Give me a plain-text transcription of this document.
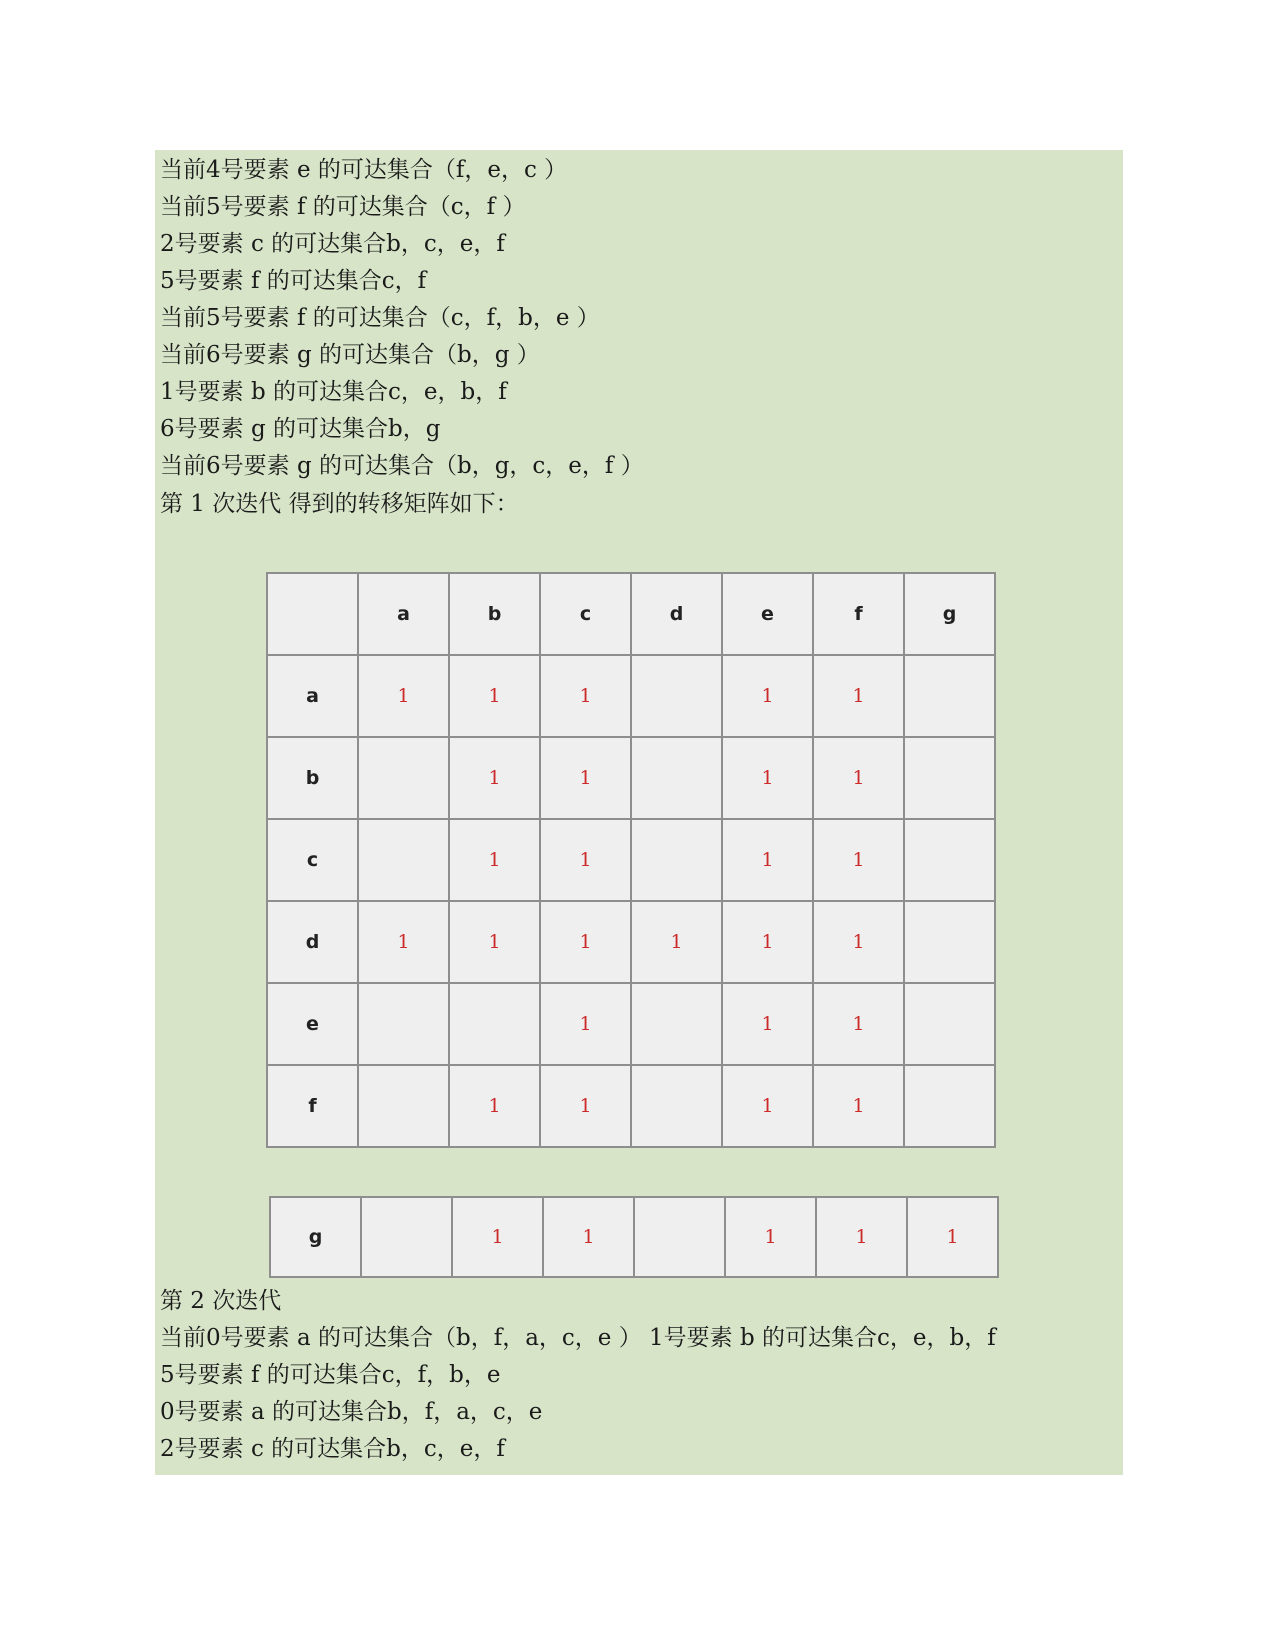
当前4号要素 e 的可达集合（f，e，c ）
当前5号要素 f 的可达集合（c，f ）
2号要素 c 的可达集合b，c，e，f
5号要素 f 的可达集合c，f
当前5号要素 f 的可达集合（c，f，b，e ）
当前6号要素 g 的可达集合（b，g ）
1号要素 b 的可达集合c，e，b，f
6号要素 g 的可达集合b，g
当前6号要素 g 的可达集合（b，g，c，e，f ）
第 1 次迭代 得到的转移矩阵如下：
	a	b	c	d	e	f	g
a	1	1	1		1	1	
b		1	1		1	1	
c		1	1		1	1	
d	1	1	1	1	1	1	
e			1		1	1	
f		1	1		1	1	
g		1	1		1	1	1
第 2 次迭代
当前0号要素 a 的可达集合（b，f，a，c，e ） 1号要素 b 的可达集合c，e，b，f
5号要素 f 的可达集合c，f，b，e
0号要素 a 的可达集合b，f，a，c，e
2号要素 c 的可达集合b，c，e，f
